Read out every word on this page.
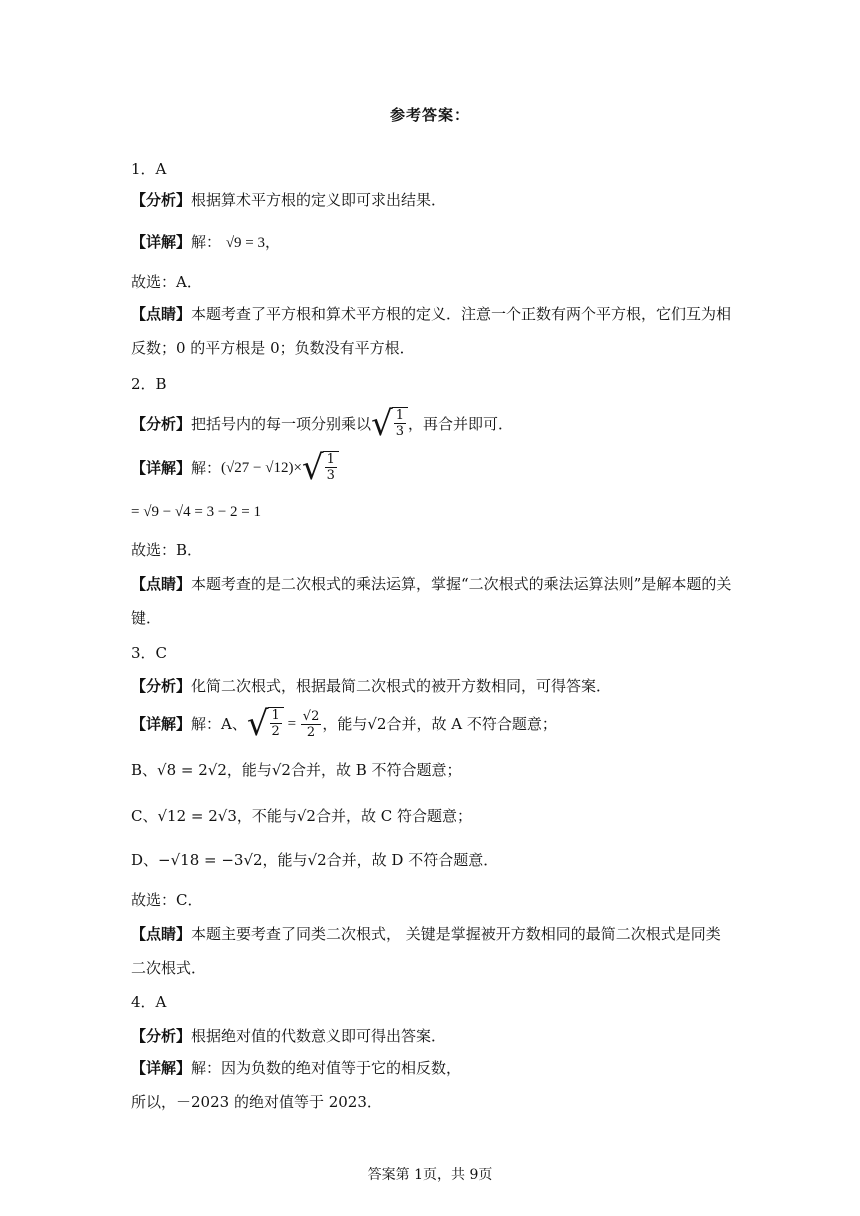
参考答案：
1．A
【分析】根据算术平方根的定义即可求出结果．
【详解】解： √9 = 3，
故选：A．
【点睛】本题考查了平方根和算术平方根的定义．注意一个正数有两个平方根，它们互为相
反数；0 的平方根是 0；负数没有平方根．
2．B
【分析】 把括号内的每一项分别乘以 √ $\frac{1}{3}$ ，再合并即可．
【详解】 解： (√27 − √12)× √ $\frac{1}{3}$
= √9 − √4 = 3 − 2 = 1
故选：B．
【点睛】本题考查的是二次根式的乘法运算，掌握“二次根式的乘法运算法则”是解本题的关
键．
3．C
【分析】化简二次根式，根据最简二次根式的被开方数相同，可得答案．
【详解】 解：A、 √ $\frac{1}{2} = \frac{√2}{2}$ ，能与√2合并，故 A 不符合题意；
B、√8 = 2√2，能与√2合并，故 B 不符合题意；
C、√12 = 2√3，不能与√2合并，故 C 符合题意；
D、−√18 = −3√2，能与√2合并，故 D 不符合题意．
故选：C．
【点睛】本题主要考查了同类二次根式， 关键是掌握被开方数相同的最简二次根式是同类
二次根式．
4．A
【分析】根据绝对值的代数意义即可得出答案．
【详解】解：因为负数的绝对值等于它的相反数，
所以，－2023 的绝对值等于 2023．
答案第 1页，共 9页
